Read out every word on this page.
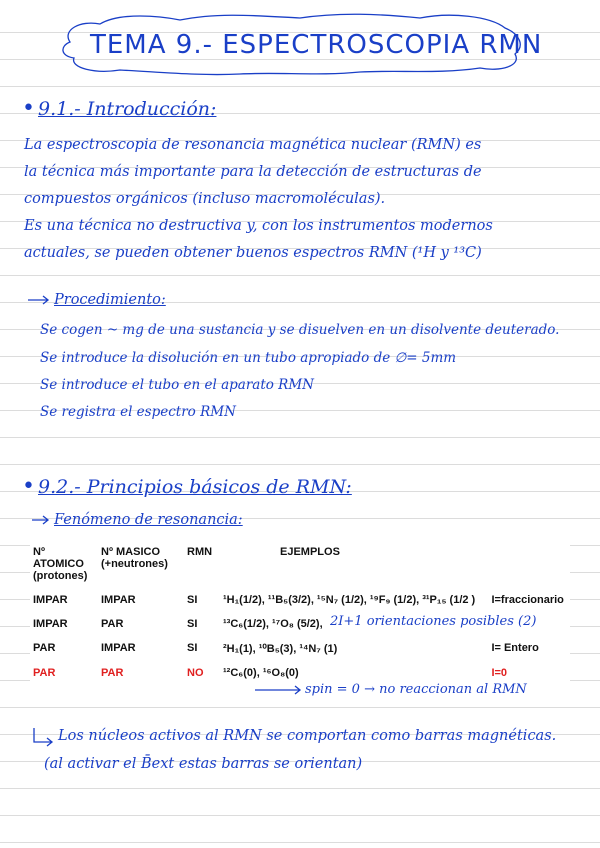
TEMA 9.- ESPECTROSCOPIA RMN
• 9.1.- Introducción:
La espectroscopia de resonancia magnética nuclear (RMN) es
la técnica más importante para la detección de estructuras de
compuestos orgánicos (incluso macromoléculas).
Es una técnica no destructiva y, con los instrumentos modernos
actuales, se pueden obtener buenos espectros RMN (¹H y ¹³C)
Procedimiento:
Se cogen ~ mg de una sustancia y se disuelven en un disolvente deuterado.
Se introduce la disolución en un tubo apropiado de ∅= 5mm
Se introduce el tubo en el aparato RMN
Se registra el espectro RMN
• 9.2.- Principios básicos de RMN:
Fenómeno de resonancia:
Nº ATOMICO (protones)	Nº MASICO (+neutrones)	RMN	EJEMPLOS	
IMPAR	IMPAR	SI	¹H₁(1/2), ¹¹B₅(3/2), ¹⁵N₇ (1/2), ¹⁹F₉ (1/2), ³¹P₁₅ (1/2 )	I=fraccionario
IMPAR	PAR	SI	¹³C₆(1/2), ¹⁷O₈ (5/2),	
PAR	IMPAR	SI	²H₁(1), ¹⁰B₅(3), ¹⁴N₇ (1)	I= Entero
PAR	PAR	NO	¹²C₆(0), ¹⁶O₈(0)	I=0
2I+1 orientaciones posibles (2)
spin = 0 → no reaccionan al RMN
Los núcleos activos al RMN se comportan como barras magnéticas.
(al activar el B̄ext estas barras se orientan)
